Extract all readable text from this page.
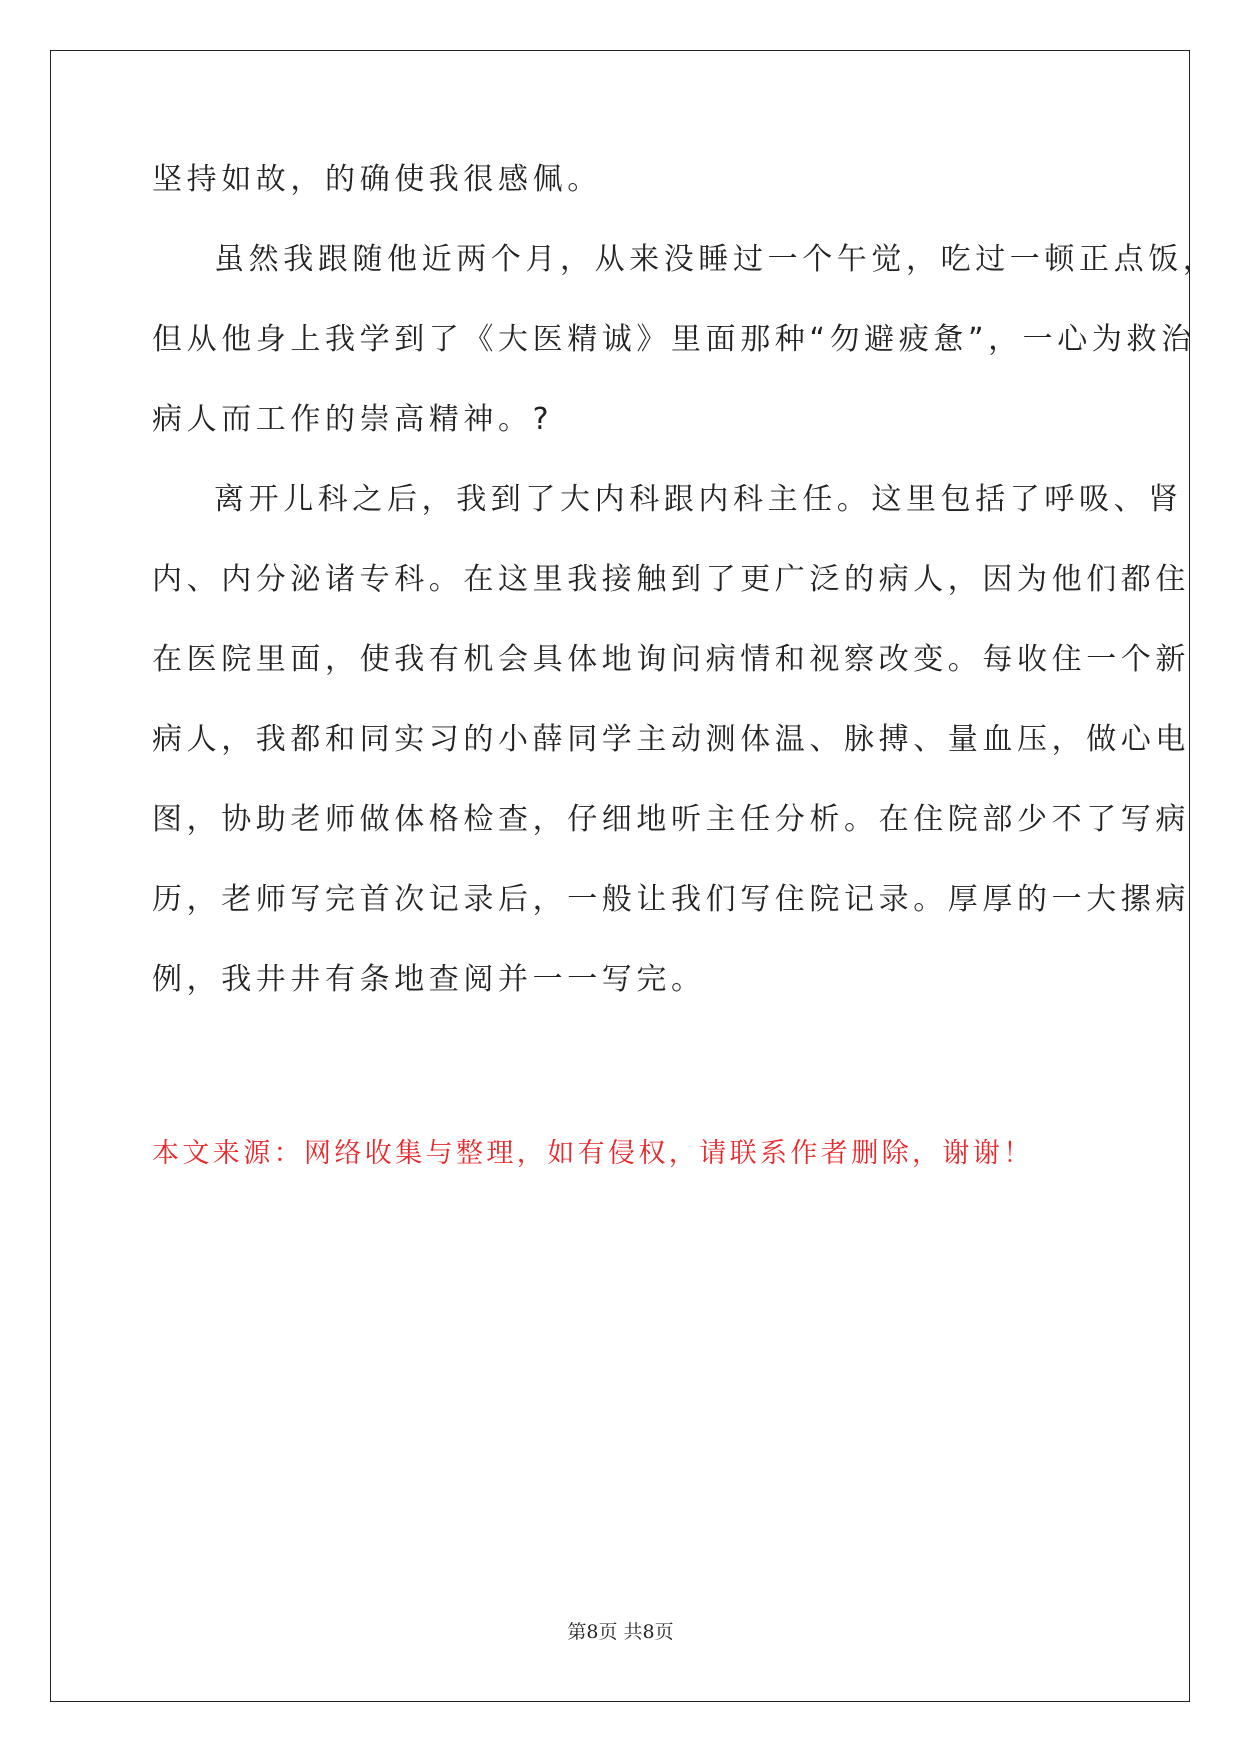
坚持如故，的确使我很感佩。
虽然我跟随他近两个月，从来没睡过一个午觉，吃过一顿正点饭，
但从他身上我学到了《大医精诚》里面那种“勿避疲惫”，一心为救治
病人而工作的崇高精神。?
离开儿科之后，我到了大内科跟内科主任。这里包括了呼吸、肾
内、内分泌诸专科。在这里我接触到了更广泛的病人，因为他们都住
在医院里面，使我有机会具体地询问病情和视察改变。每收住一个新
病人，我都和同实习的小薛同学主动测体温、脉搏、量血压，做心电
图，协助老师做体格检查，仔细地听主任分析。在住院部少不了写病
历，老师写完首次记录后，一般让我们写住院记录。厚厚的一大摞病
例，我井井有条地查阅并一一写完。
本文来源：网络收集与整理，如有侵权，请联系作者删除，谢谢！
第8页 共8页
